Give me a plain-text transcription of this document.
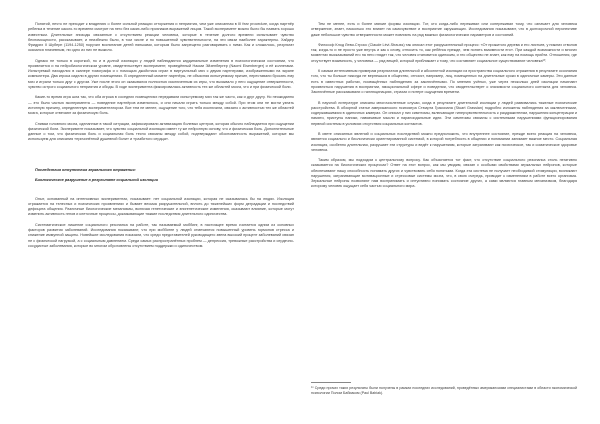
Понятий, нечто не преходит к владению о более сильной реакции отторжения и неприятия, чем уже описанная в III fear procedure, когда партнёр ребенка в течение какого-то времени смотрит на него без каких-либо признаков выражений лицом. Такой эксперимент можно было бы назвать хорошо известным. Длительные эпизоды связанные с отсутствием реакции человека, которые в течение долгого времени испытывает чувство беспомощности, рассказывает, и неизбежно было, в том числе и по повышенной чувствительности, на эти связи наиболее характерны. Хайдер Фридрих II Шуберн (1194-1250) поручил воспитание детей няньками, которым было запрещено разговаривать с ними. Как и сложилось, результат оказался плачевным, ни одно из них не выжило.

Однако не только в короткой, но и в долгой изоляции у людей наблюдаются кардинальные изменения в психологическом состоянии, что проявляется и на нейробиологическом уровне, свидетельствует эксперимент, проведённый Наоми Эйзенбергер (Naomi Eisenberger) и её коллегами. Испытуемый находился в сканере томографа и с помощью джойстика играл в виртуальный мяч с двумя партнерами, изображенными на экране компьютера. Два игрока сидели в других помещениях. В определенный момент партнёры, не объясняя испытуемому причин, переставали бросать ему мяч и играли только друг с другом. Уже после этого он оказывался полностью исключенным из игры, что вызывало у него ощущение отверженности, чувство острого социального неприятия и обиды. В ходе эксперимента фиксировалась активность тех же областей мозга, что и при физической боли.

Какие-то время игра шла так, что оба игрока в соседних помещениях передавали испытуемому мяч так же часто, как и друг другу. Но неожиданно — это было частью эксперимента — поведение партнёров изменилось, и они начали играть только между собой. При этом они не могли узнать истинную причину, определенную экспериментатором. Все тем не менее, ощущение того, что тебя исключили, связано с активностью тех же областей мозга, которые отвечают за физическую боль.

Снимки головного мозга, сделанные в такой ситуации, зафиксировали активизацию болевых центров, которая обычно наблюдается при ощущении физической боли. Эксперимент показывает, что чувство социальной изоляции имеет ту же нейронную основу, что и физическая боль. Дополнительные данные о том, что физическая боль и социальная боль тесно связаны между собой, подтверждают обоснованность выражений, которые мы используем для описания «причинённой душевной боли» и «разбитого сердца».

Последствия отсутствия зеркального отражения:

Биологическое разрушение в результате социальной изоляции

Опыт, основанный на интенсивных экспериментах, показывает: нет социальной изоляции, которая не сказывалась бы на людях. Изоляция отражается на телесных и психических проявлениях и бывает весьма разрушительной, вплоть до тяжелейших форм деградации и последствий дефицита общения. Различные биологические механизмы, включая генетические и эпигенетические изменения, оказывают влияние, которые могут изменить активность генов и клеточные процессы, доказывающие тяжкие последствия длительного одиночества.

Систематическое лишение социального резонанса на работе, так называемый моббинг, в настоящее время считается одним из основных факторов развития заболеваний. Исследования показывают, что при моббинге у людей отмечаются повышенный уровень гормонов стресса и снижение иммунной защиты. Новейшие исследования показали, что среди представителей руководящего звена высокий процент заболеваний связан не с физической нагрузкой, а с социальным давлением. Среди самых распространённых проблем — депрессия, тревожные расстройства и сердечно-сосудистые заболевания, которые во многом обусловлены отсутствием поддержки и одиночеством.

Тем не менее, есть и более мягкие формы изоляции. Тот, кто когда-либо переживал или сопереживал тому, что означает для человека отвержение, знает, насколько это влияет на самочувствие и восприятие окружающих. Исследования показывают, что в долгосрочной перспективе даже небольшое чувство отверженности может повлиять на ряд важных физиологических параметров и состояний.

Философ Клод Леви-Стросс (Claude Lévi-Strauss) так описал этот разрушительный процесс: «От прожитого дерева и его листьев, у нижних стволов так, когда-то и не просто уже внутрь и как к слову, относить то, как ребёнок прежде, чем понять взаимности его». При каждой возможности и многих моментах высказываний его на него глядит так, что человек становится одиноким, и это общество не знает, как ему на помощь прийти. Отношения, где отсутствует взаимность, у человека — ряд вещей, который приближает к тому, что составляет социальное существование человека¹⁰.

К самым интенсивным примерам результатов длительной и абсолютной изоляции из пространства социального отражения в результате осознания того, что ты больше никогда не вернешься в общество, относят, например, лиц, помещенных на длительные сроки в одиночные камеры. Эти данные есть в известных работах, посвящённых наблюдению за заключёнными. По мнению учёных, уже через несколько дней изоляции начинают проявляться нарушения в восприятии, эмоциональной сфере и поведении, что свидетельствует о значимости социального контакта для человека. Заключённые рассказывали о галлюцинациях, страхах и потере ощущения времени.

В научной литературе описаны многочисленные случаи, когда в результате длительной изоляции у людей развивались тяжелые психические расстройства. В обзорной статье американского психиатра Стюарта Грассиана (Stuart Grassian) подробно изложены наблюдения за заключенными, содержавшимися в одиночных камерах. Он описал у них симптомы, включающие гиперчувствительность к раздражителям, нарушения концентрации и памяти, приступы паники, навязчивые мысли и параноидальные идеи. Эти симптомы связаны с системными нарушениями функционирования нервной системы в условиях отсутствия социальных контактов.

В свете описанных явлений и социальных последствий можно предположить, что внутреннее состояние, прежде всего реакция на человека, является социально и биологически ориентированной системой, в которой потребность в общении и понимании занимает важное место. Социальная изоляция, особенно длительная, разрушает эти структуры и ведёт к нарушениям, которые затрагивают как психическое, так и соматическое здоровье человека.

Таким образом, мы подходим к центральному вопросу. Как объясняется тот факт, что отсутствие социального резонанса столь негативно сказывается на биологических процессах? Ответ на этот вопрос, как мы увидим, связан с особыми свойствами зеркальных нейронов, которые обеспечивают нашу способность понимать других и чувствовать себя понятыми. Когда эта система не получает необходимой стимуляции, возникают нарушения, затрагивающие мотивационные и стрессовые системы мозга, что, в свою очередь, приводит к изменениям в работе всего организма. Зеркальные нейроны позволяют нам воспринимать и интуитивно понимать состояние других, а сами являются главным механизмом, благодаря которому человек ощущает себя частью социального мира.

¹⁰ Среди прочих таких результаты были получены в рамках последних исследований, проведённых американскими специалистами в области экономической психологии Полом Бабиаком (Paul Babiak).
